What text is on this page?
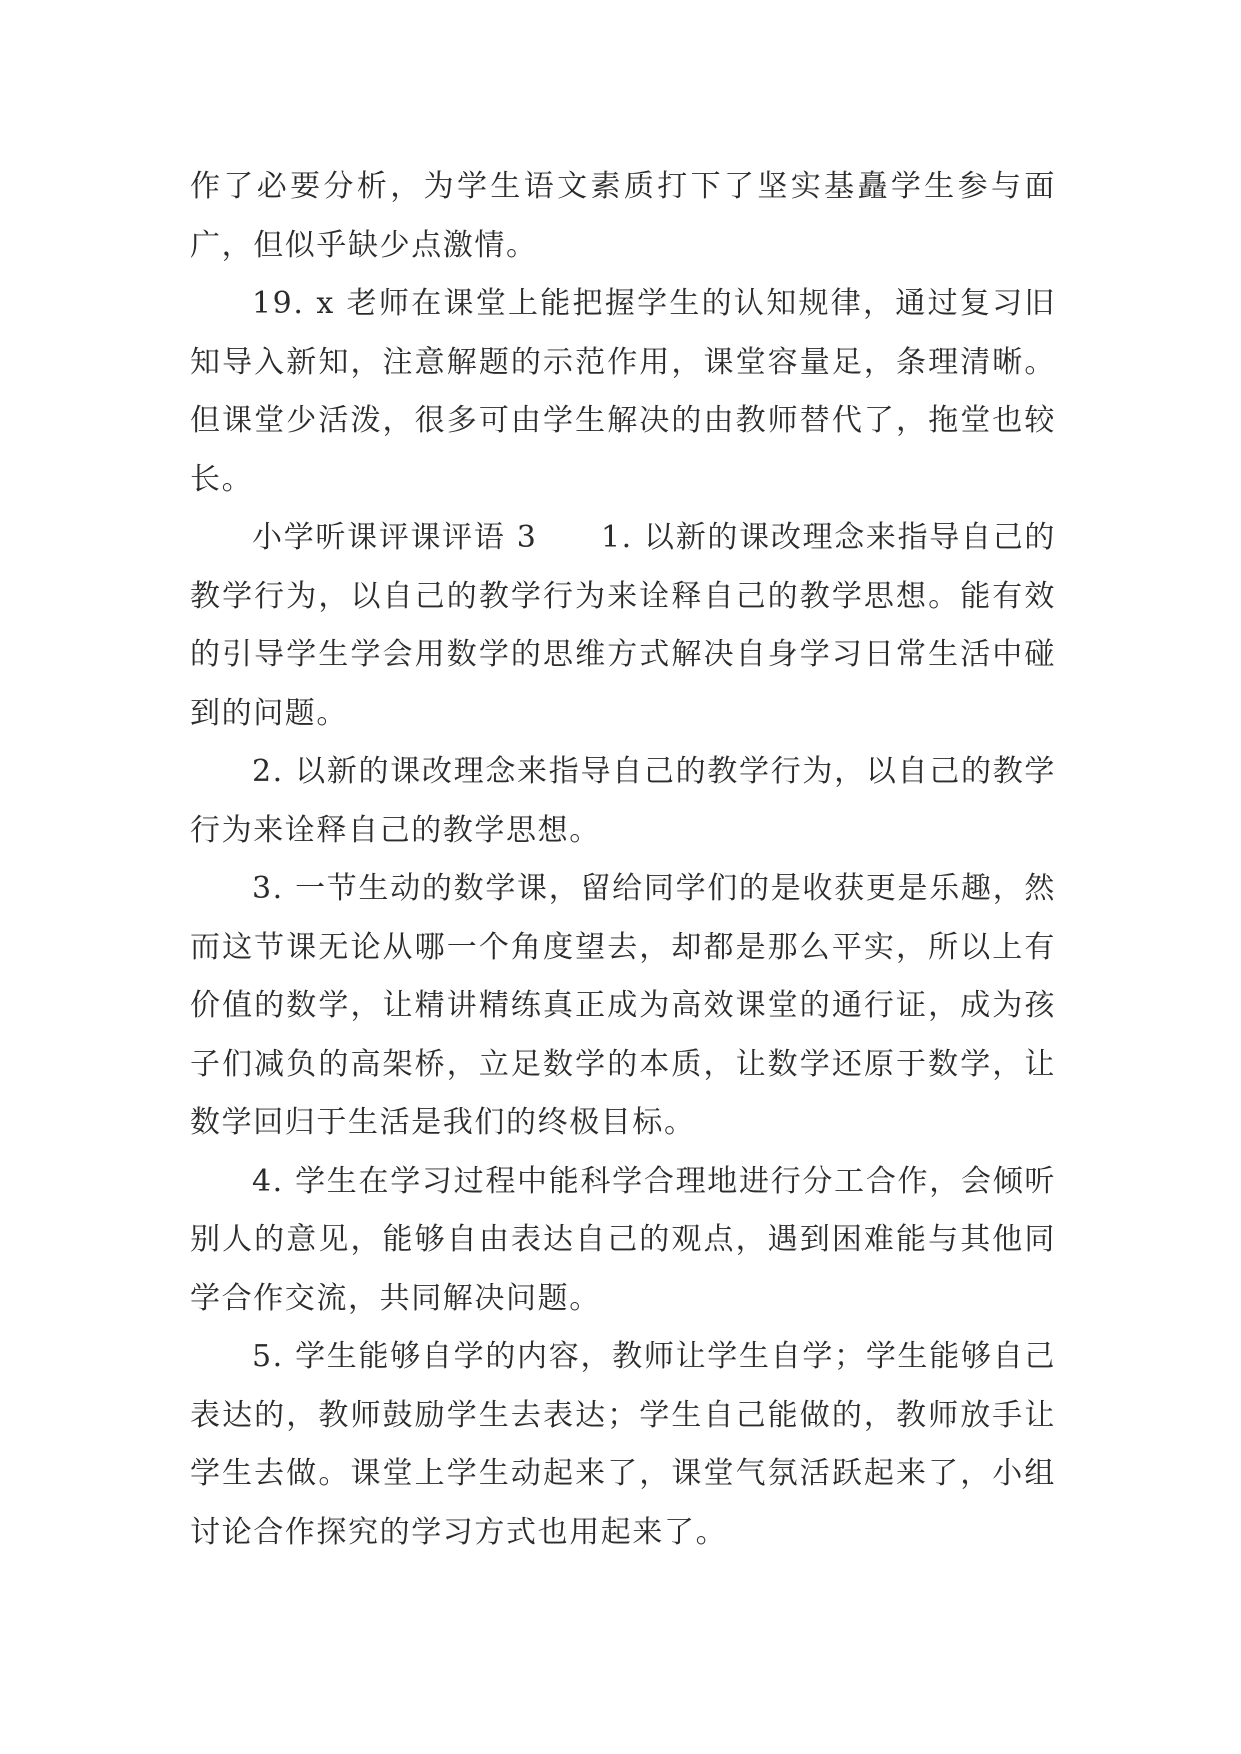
作了必要分析，为学生语文素质打下了坚实基矗学生参与面广，但似乎缺少点激情。

19. x 老师在课堂上能把握学生的认知规律，通过复习旧知导入新知，注意解题的示范作用，课堂容量足，条理清晰。但课堂少活泼，很多可由学生解决的由教师替代了，拖堂也较长。

小学听课评课评语 3　　1. 以新的课改理念来指导自己的教学行为，以自己的教学行为来诠释自己的教学思想。能有效的引导学生学会用数学的思维方式解决自身学习日常生活中碰到的问题。

2. 以新的课改理念来指导自己的教学行为，以自己的教学行为来诠释自己的教学思想。

3. 一节生动的数学课，留给同学们的是收获更是乐趣，然而这节课无论从哪一个角度望去，却都是那么平实，所以上有价值的数学，让精讲精练真正成为高效课堂的通行证，成为孩子们减负的高架桥，立足数学的本质，让数学还原于数学，让数学回归于生活是我们的终极目标。

4. 学生在学习过程中能科学合理地进行分工合作，会倾听别人的意见，能够自由表达自己的观点，遇到困难能与其他同学合作交流，共同解决问题。

5. 学生能够自学的内容，教师让学生自学；学生能够自己表达的，教师鼓励学生去表达；学生自己能做的，教师放手让学生去做。课堂上学生动起来了，课堂气氛活跃起来了，小组讨论合作探究的学习方式也用起来了。
